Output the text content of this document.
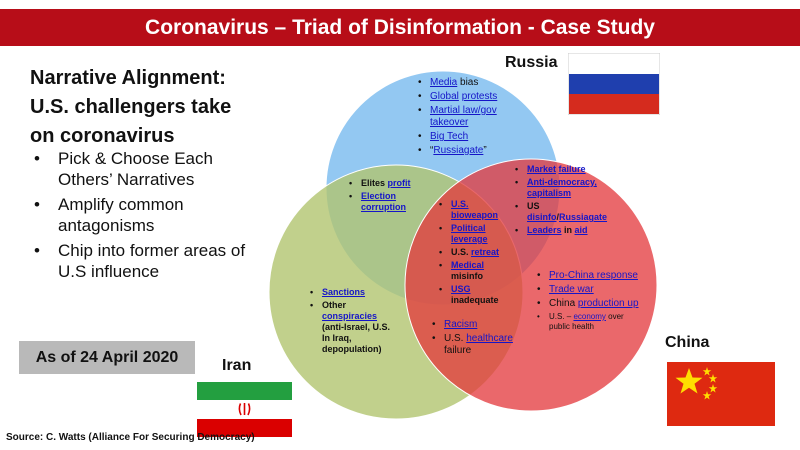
Coronavirus – Triad of Disinformation - Case Study
Narrative Alignment:
U.S. challengers take
on coronavirus
• Pick & Choose Each Others’ Narratives
• Amplify common antagonisms
• Chip into former areas of U.S influence
As of 24 April 2020
• Media bias
• Global protests
• Martial law/gov takeover
• Big Tech
• “Russiagate”
• Market failure
• Anti-democracy, capitalism
• US disinfo/Russiagate
• Leaders in aid
• Elites profit
• Election corruption
•	U.S. bioweapon
• Political leverage
• U.S. retreat
• Medical misinfo
• USG inadequate
• Sanctions
• Other conspiracies (anti-Israel, U.S. In Iraq, depopulation)
• Racism
• U.S. healthcare failure
• Pro-China response
• Trade war
• China production up
• U.S. – economy over public health
Russia
Iran
China
Source: C. Watts (Alliance For Securing Democracy)
